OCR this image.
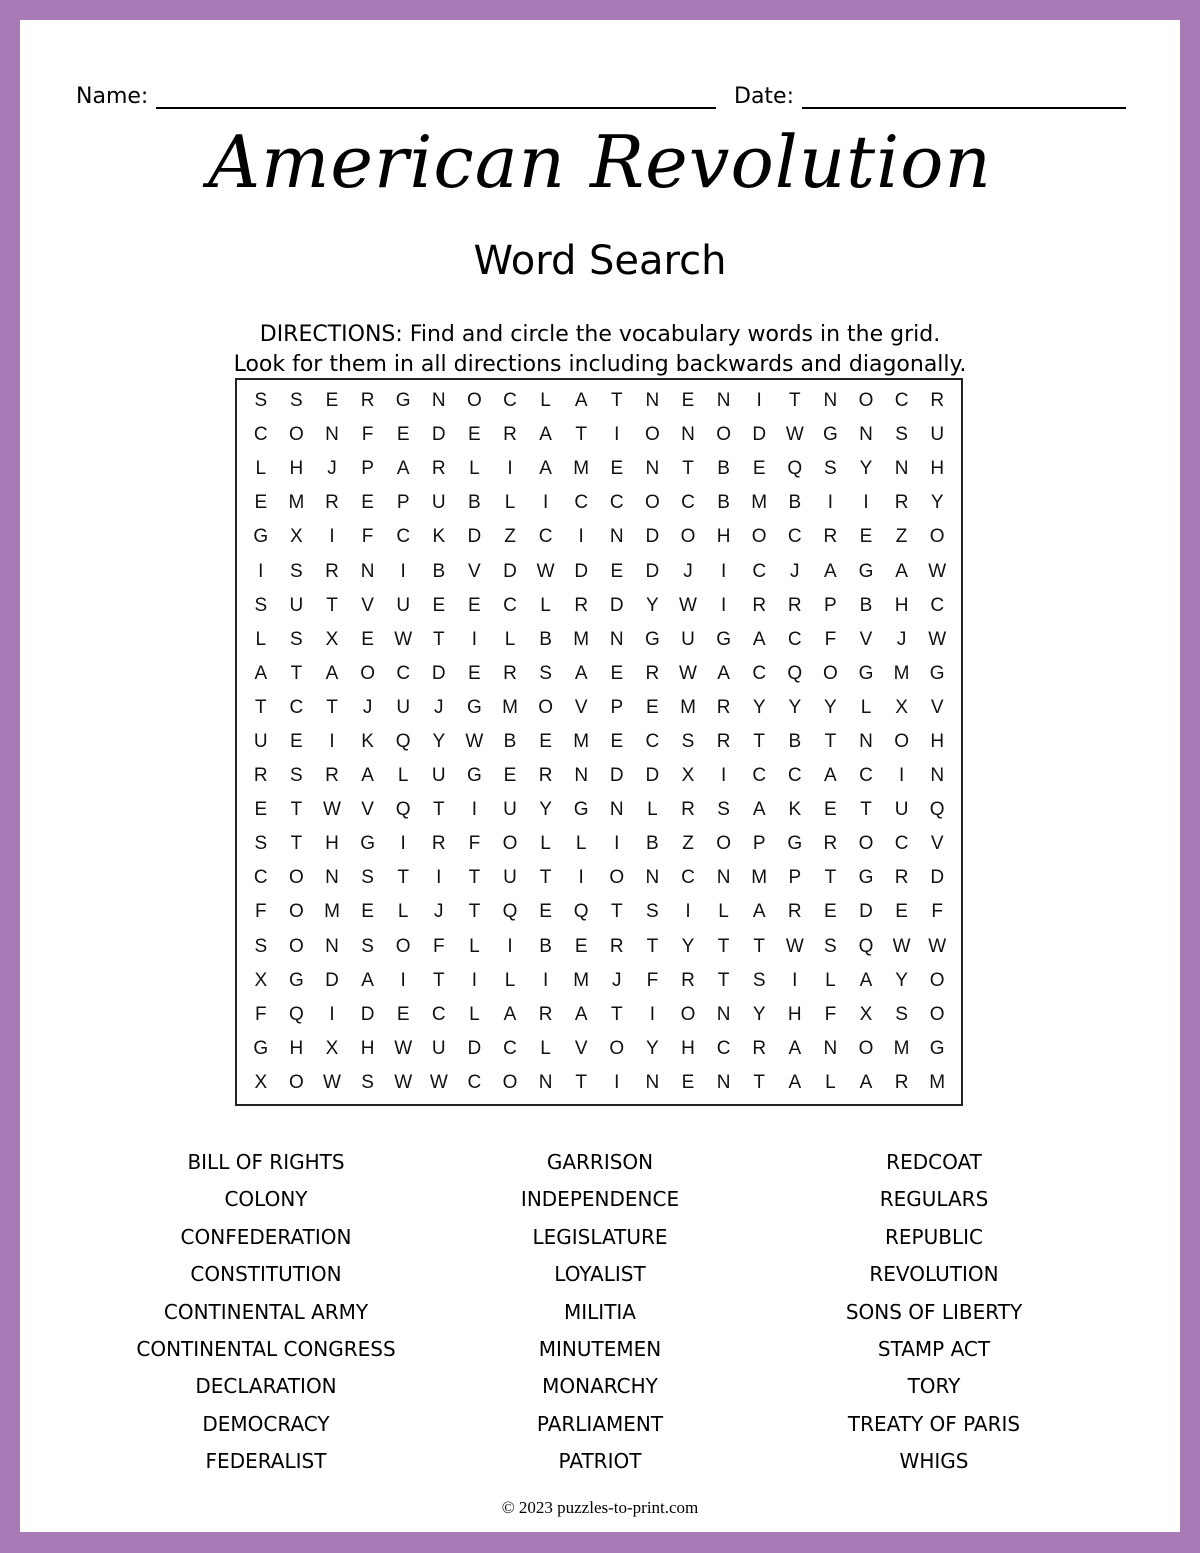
Name:	Date:
American Revolution
Word Search
DIRECTIONS: Find and circle the vocabulary words in the grid.
Look for them in all directions including backwards and diagonally.
S	S	E	R	G	N	O	C	L	A	T	N	E	N	I	T	N	O	C	R
C	O	N	F	E	D	E	R	A	T	I	O	N	O	D	W	G	N	S	U
L	H	J	P	A	R	L	I	A	M	E	N	T	B	E	Q	S	Y	N	H
E	M	R	E	P	U	B	L	I	C	C	O	C	B	M	B	I	I	R	Y
G	X	I	F	C	K	D	Z	C	I	N	D	O	H	O	C	R	E	Z	O
I	S	R	N	I	B	V	D	W	D	E	D	J	I	C	J	A	G	A	W
S	U	T	V	U	E	E	C	L	R	D	Y	W	I	R	R	P	B	H	C
L	S	X	E	W	T	I	L	B	M	N	G	U	G	A	C	F	V	J	W
A	T	A	O	C	D	E	R	S	A	E	R	W	A	C	Q	O	G	M	G
T	C	T	J	U	J	G	M	O	V	P	E	M	R	Y	Y	Y	L	X	V
U	E	I	K	Q	Y	W	B	E	M	E	C	S	R	T	B	T	N	O	H
R	S	R	A	L	U	G	E	R	N	D	D	X	I	C	C	A	C	I	N
E	T	W	V	Q	T	I	U	Y	G	N	L	R	S	A	K	E	T	U	Q
S	T	H	G	I	R	F	O	L	L	I	B	Z	O	P	G	R	O	C	V
C	O	N	S	T	I	T	U	T	I	O	N	C	N	M	P	T	G	R	D
F	O	M	E	L	J	T	Q	E	Q	T	S	I	L	A	R	E	D	E	F
S	O	N	S	O	F	L	I	B	E	R	T	Y	T	T	W	S	Q	W W
X	G	D	A	I	T	I	L	I	M	J	F	R	T	S	I	L	A	Y	O
F	Q	I	D	E	C	L	A	R	A	T	I	O	N	Y	H	F	X	S	O
G	H	X	H	W	U	D	C	L	V	O	Y	H	C	R	A	N	O	M	G
X	O	W	S	W W	C	O	N	T	I	N	E	N	T	A	L	A	R	M
BILL OF RIGHTS
COLONY
CONFEDERATION
CONSTITUTION
CONTINENTAL ARMY
CONTINENTAL CONGRESS
DECLARATION
DEMOCRACY
FEDERALIST
GARRISON
INDEPENDENCE
LEGISLATURE
LOYALIST
MILITIA
MINUTEMEN
MONARCHY
PARLIAMENT
PATRIOT
REDCOAT
REGULARS
REPUBLIC
REVOLUTION
SONS OF LIBERTY
STAMP ACT
TORY
TREATY OF PARIS
WHIGS
© 2023 puzzles-to-print.com
